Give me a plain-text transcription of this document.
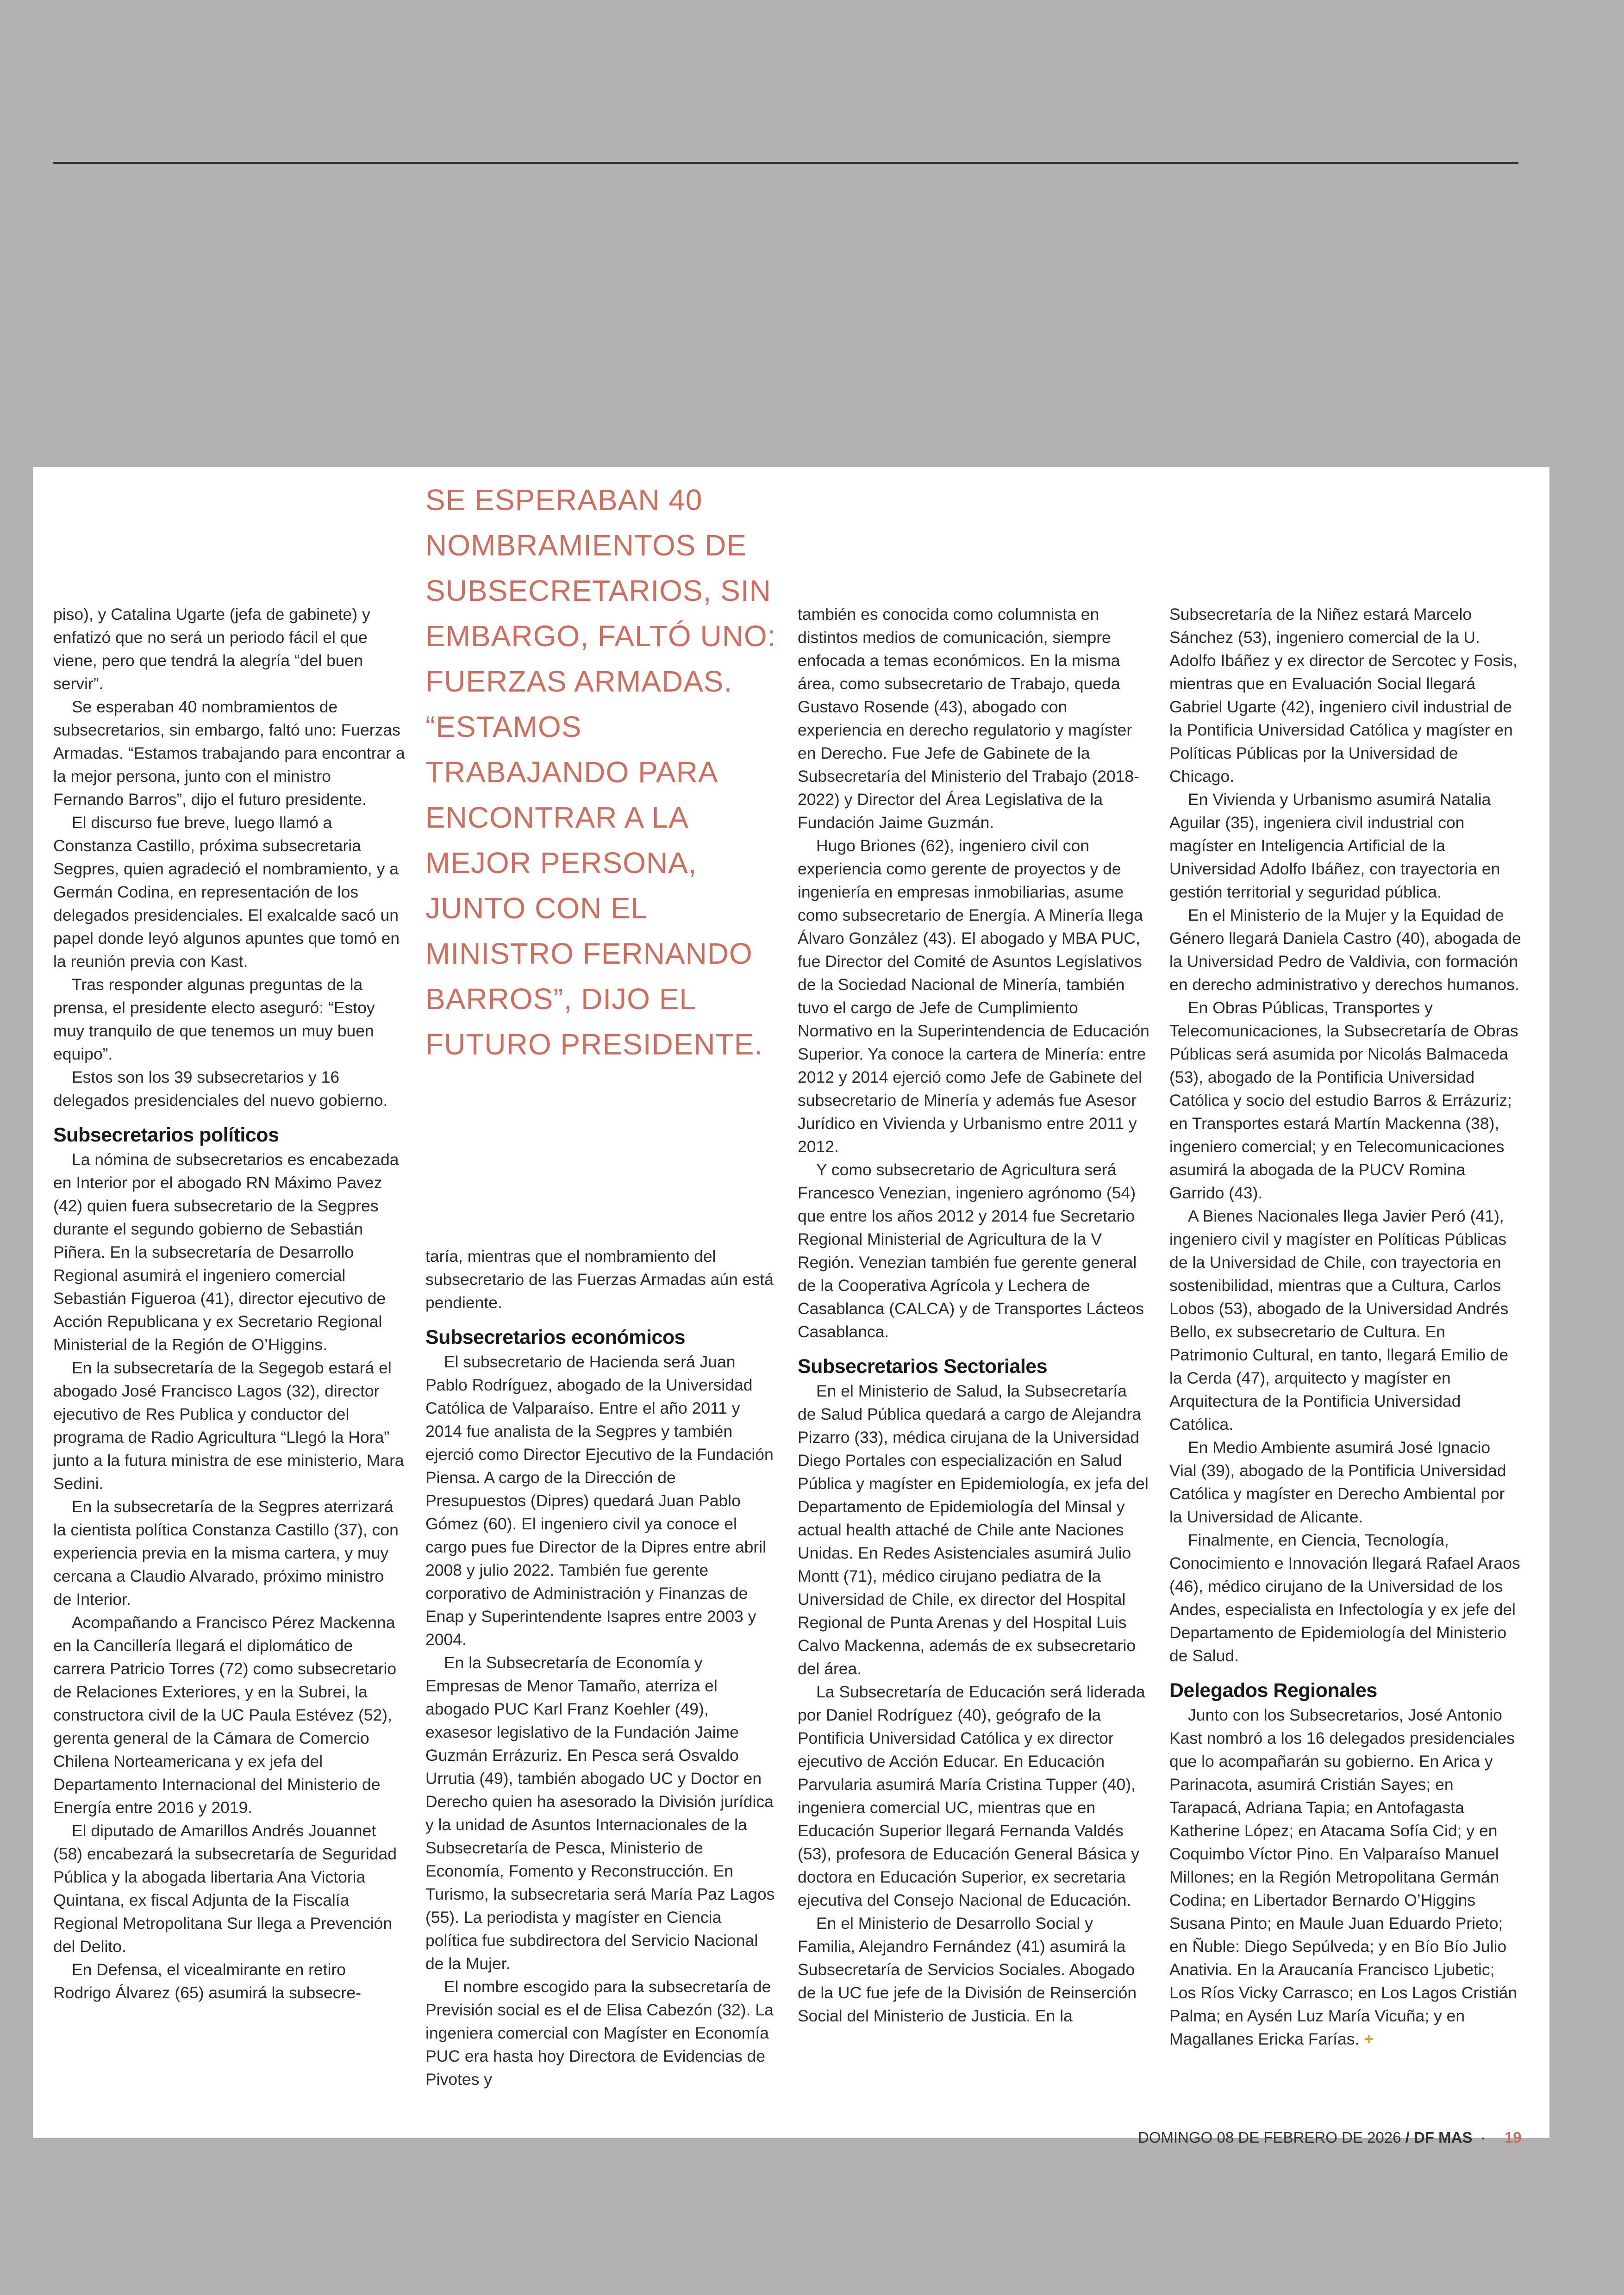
piso), y Catalina Ugarte (jefa de gabinete) y enfatizó que no será un periodo fácil el que viene, pero que tendrá la alegría “del buen servir”.

Se esperaban 40 nombramientos de subsecretarios, sin embargo, faltó uno: Fuerzas Armadas. “Estamos trabajando para encontrar a la mejor persona, junto con el ministro Fernando Barros”, dijo el futuro presidente.

El discurso fue breve, luego llamó a Constanza Castillo, próxima subsecretaria Segpres, quien agradeció el nombramiento, y a Germán Codina, en representación de los delegados presidenciales. El exalcalde sacó un papel donde leyó algunos apuntes que tomó en la reunión previa con Kast.

Tras responder algunas preguntas de la prensa, el presidente electo aseguró: “Estoy muy tranquilo de que tenemos un muy buen equipo”.

Estos son los 39 subsecretarios y 16 delegados presidenciales del nuevo gobierno.

Subsecretarios políticos

La nómina de subsecretarios es encabezada en Interior por el abogado RN Máximo Pavez (42) quien fuera subsecretario de la Segpres durante el segundo gobierno de Sebastián Piñera. En la subsecretaría de Desarrollo Regional asumirá el ingeniero comercial Sebastián Figueroa (41), director ejecutivo de Acción Republicana y ex Secretario Regional Ministerial de la Región de O’Higgins.

En la subsecretaría de la Segegob estará el abogado José Francisco Lagos (32), director ejecutivo de Res Publica y conductor del programa de Radio Agricultura “Llegó la Hora” junto a la futura ministra de ese ministerio, Mara Sedini.

En la subsecretaría de la Segpres aterrizará la cientista política Constanza Castillo (37), con experiencia previa en la misma cartera, y muy cercana a Claudio Alvarado, próximo ministro de Interior.

Acompañando a Francisco Pérez Mackenna en la Cancillería llegará el diplomático de carrera Patricio Torres (72) como subsecretario de Relaciones Exteriores, y en la Subrei, la constructora civil de la UC Paula Estévez (52), gerenta general de la Cámara de Comercio Chilena Norteamericana y ex jefa del Departamento Internacional del Ministerio de Energía entre 2016 y 2019.

El diputado de Amarillos Andrés Jouannet (58) encabezará la subsecretaría de Seguridad Pública y la abogada libertaria Ana Victoria Quintana, ex fiscal Adjunta de la Fiscalía Regional Metropolitana Sur llega a Prevención del Delito.

En Defensa, el vicealmirante en retiro Rodrigo Álvarez (65) asumirá la subsecre-

SE ESPERABAN 40 NOMBRAMIENTOS DE SUBSECRETARIOS, SIN EMBARGO, FALTÓ UNO: FUERZAS ARMADAS. “ESTAMOS TRABAJANDO PARA ENCONTRAR A LA MEJOR PERSONA, JUNTO CON EL MINISTRO FERNANDO BARROS”, DIJO EL FUTURO PRESIDENTE.

taría, mientras que el nombramiento del subsecretario de las Fuerzas Armadas aún está pendiente.

Subsecretarios económicos

El subsecretario de Hacienda será Juan Pablo Rodríguez, abogado de la Universidad Católica de Valparaíso. Entre el año 2011 y 2014 fue analista de la Segpres y también ejerció como Director Ejecutivo de la Fundación Piensa. A cargo de la Dirección de Presupuestos (Dipres) quedará Juan Pablo Gómez (60). El ingeniero civil ya conoce el cargo pues fue Director de la Dipres entre abril 2008 y julio 2022. También fue gerente corporativo de Administración y Finanzas de Enap y Superintendente Isapres entre 2003 y 2004.

En la Subsecretaría de Economía y Empresas de Menor Tamaño, aterriza el abogado PUC Karl Franz Koehler (49), exasesor legislativo de la Fundación Jaime Guzmán Errázuriz. En Pesca será Osvaldo Urrutia (49), también abogado UC y Doctor en Derecho quien ha asesorado la División jurídica y la unidad de Asuntos Internacionales de la Subsecretaría de Pesca, Ministerio de Economía, Fomento y Reconstrucción. En Turismo, la subsecretaria será María Paz Lagos (55). La periodista y magíster en Ciencia política fue subdirectora del Servicio Nacional de la Mujer.

El nombre escogido para la subsecretaría de Previsión social es el de Elisa Cabezón (32). La ingeniera comercial con Magíster en Economía PUC era hasta hoy Directora de Evidencias de Pivotes y

también es conocida como columnista en distintos medios de comunicación, siempre enfocada a temas económicos. En la misma área, como subsecretario de Trabajo, queda Gustavo Rosende (43), abogado con experiencia en derecho regulatorio y magíster en Derecho. Fue Jefe de Gabinete de la Subsecretaría del Ministerio del Trabajo (2018-2022) y Director del Área Legislativa de la Fundación Jaime Guzmán.

Hugo Briones (62), ingeniero civil con experiencia como gerente de proyectos y de ingeniería en empresas inmobiliarias, asume como subsecretario de Energía. A Minería llega Álvaro González (43). El abogado y MBA PUC, fue Director del Comité de Asuntos Legislativos de la Sociedad Nacional de Minería, también tuvo el cargo de Jefe de Cumplimiento Normativo en la Superintendencia de Educación Superior. Ya conoce la cartera de Minería: entre 2012 y 2014 ejerció como Jefe de Gabinete del subsecretario de Minería y además fue Asesor Jurídico en Vivienda y Urbanismo entre 2011 y 2012.

Y como subsecretario de Agricultura será Francesco Venezian, ingeniero agrónomo (54) que entre los años 2012 y 2014 fue Secretario Regional Ministerial de Agricultura de la V Región. Venezian también fue gerente general de la Cooperativa Agrícola y Lechera de Casablanca (CALCA) y de Transportes Lácteos Casablanca.

Subsecretarios Sectoriales

En el Ministerio de Salud, la Subsecretaría de Salud Pública quedará a cargo de Alejandra Pizarro (33), médica cirujana de la Universidad Diego Portales con especialización en Salud Pública y magíster en Epidemiología, ex jefa del Departamento de Epidemiología del Minsal y actual health attaché de Chile ante Naciones Unidas. En Redes Asistenciales asumirá Julio Montt (71), médico cirujano pediatra de la Universidad de Chile, ex director del Hospital Regional de Punta Arenas y del Hospital Luis Calvo Mackenna, además de ex subsecretario del área.

La Subsecretaría de Educación será liderada por Daniel Rodríguez (40), geógrafo de la Pontificia Universidad Católica y ex director ejecutivo de Acción Educar. En Educación Parvularia asumirá María Cristina Tupper (40), ingeniera comercial UC, mientras que en Educación Superior llegará Fernanda Valdés (53), profesora de Educación General Básica y doctora en Educación Superior, ex secretaria ejecutiva del Consejo Nacional de Educación.

En el Ministerio de Desarrollo Social y Familia, Alejandro Fernández (41) asumirá la Subsecretaría de Servicios Sociales. Abogado de la UC fue jefe de la División de Reinserción Social del Ministerio de Justicia. En la

Subsecretaría de la Niñez estará Marcelo Sánchez (53), ingeniero comercial de la U. Adolfo Ibáñez y ex director de Sercotec y Fosis, mientras que en Evaluación Social llegará Gabriel Ugarte (42), ingeniero civil industrial de la Pontificia Universidad Católica y magíster en Políticas Públicas por la Universidad de Chicago.

En Vivienda y Urbanismo asumirá Natalia Aguilar (35), ingeniera civil industrial con magíster en Inteligencia Artificial de la Universidad Adolfo Ibáñez, con trayectoria en gestión territorial y seguridad pública.

En el Ministerio de la Mujer y la Equidad de Género llegará Daniela Castro (40), abogada de la Universidad Pedro de Valdivia, con formación en derecho administrativo y derechos humanos.

En Obras Públicas, Transportes y Telecomunicaciones, la Subsecretaría de Obras Públicas será asumida por Nicolás Balmaceda (53), abogado de la Pontificia Universidad Católica y socio del estudio Barros & Errázuriz; en Transportes estará Martín Mackenna (38), ingeniero comercial; y en Telecomunicaciones asumirá la abogada de la PUCV Romina Garrido (43).

A Bienes Nacionales llega Javier Peró (41), ingeniero civil y magíster en Políticas Públicas de la Universidad de Chile, con trayectoria en sostenibilidad, mientras que a Cultura, Carlos Lobos (53), abogado de la Universidad Andrés Bello, ex subsecretario de Cultura. En Patrimonio Cultural, en tanto, llegará Emilio de la Cerda (47), arquitecto y magíster en Arquitectura de la Pontificia Universidad Católica.

En Medio Ambiente asumirá José Ignacio Vial (39), abogado de la Pontificia Universidad Católica y magíster en Derecho Ambiental por la Universidad de Alicante.

Finalmente, en Ciencia, Tecnología, Conocimiento e Innovación llegará Rafael Araos (46), médico cirujano de la Universidad de los Andes, especialista en Infectología y ex jefe del Departamento de Epidemiología del Ministerio de Salud.

Delegados Regionales

Junto con los Subsecretarios, José Antonio Kast nombró a los 16 delegados presidenciales que lo acompañarán su gobierno. En Arica y Parinacota, asumirá Cristián Sayes; en Tarapacá, Adriana Tapia; en Antofagasta Katherine López; en Atacama Sofía Cid; y en Coquimbo Víctor Pino. En Valparaíso Manuel Millones; en la Región Metropolitana Germán Codina; en Libertador Bernardo O’Higgins Susana Pinto; en Maule Juan Eduardo Prieto; en Ñuble: Diego Sepúlveda; y en Bío Bío Julio Anativia. En la Araucanía Francisco Ljubetic; Los Ríos Vicky Carrasco; en Los Lagos Cristián Palma; en Aysén Luz María Vicuña; y en Magallanes Ericka Farías. +

DOMINGO 08 DE FEBRERO DE 2026 / DF MAS · 19
